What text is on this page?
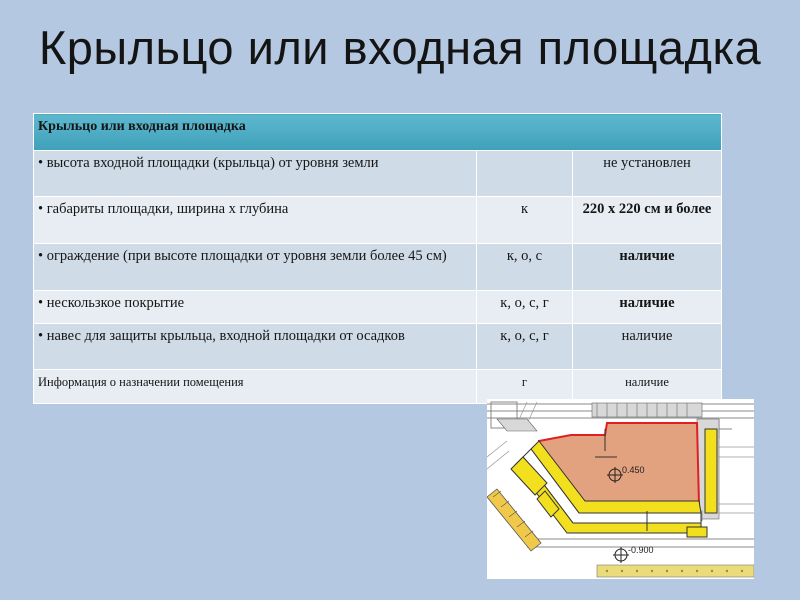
Крыльцо или входная площадка
Крыльцо или входная площадка		
• высота входной площадки (крыльца) от уровня земли		не установлен
• габариты площадки, ширина х глубина	к	220 х 220 см и более
• ограждение (при высоте площадки от уровня земли более 45 см)	к, о, с	наличие
• нескользкое покрытие	к, о, с, г	наличие
• навес для защиты крыльца, входной площадки от осадков	к, о, с, г	наличие
Информация о назначении помещения	г	наличие
0.450
-0.900
